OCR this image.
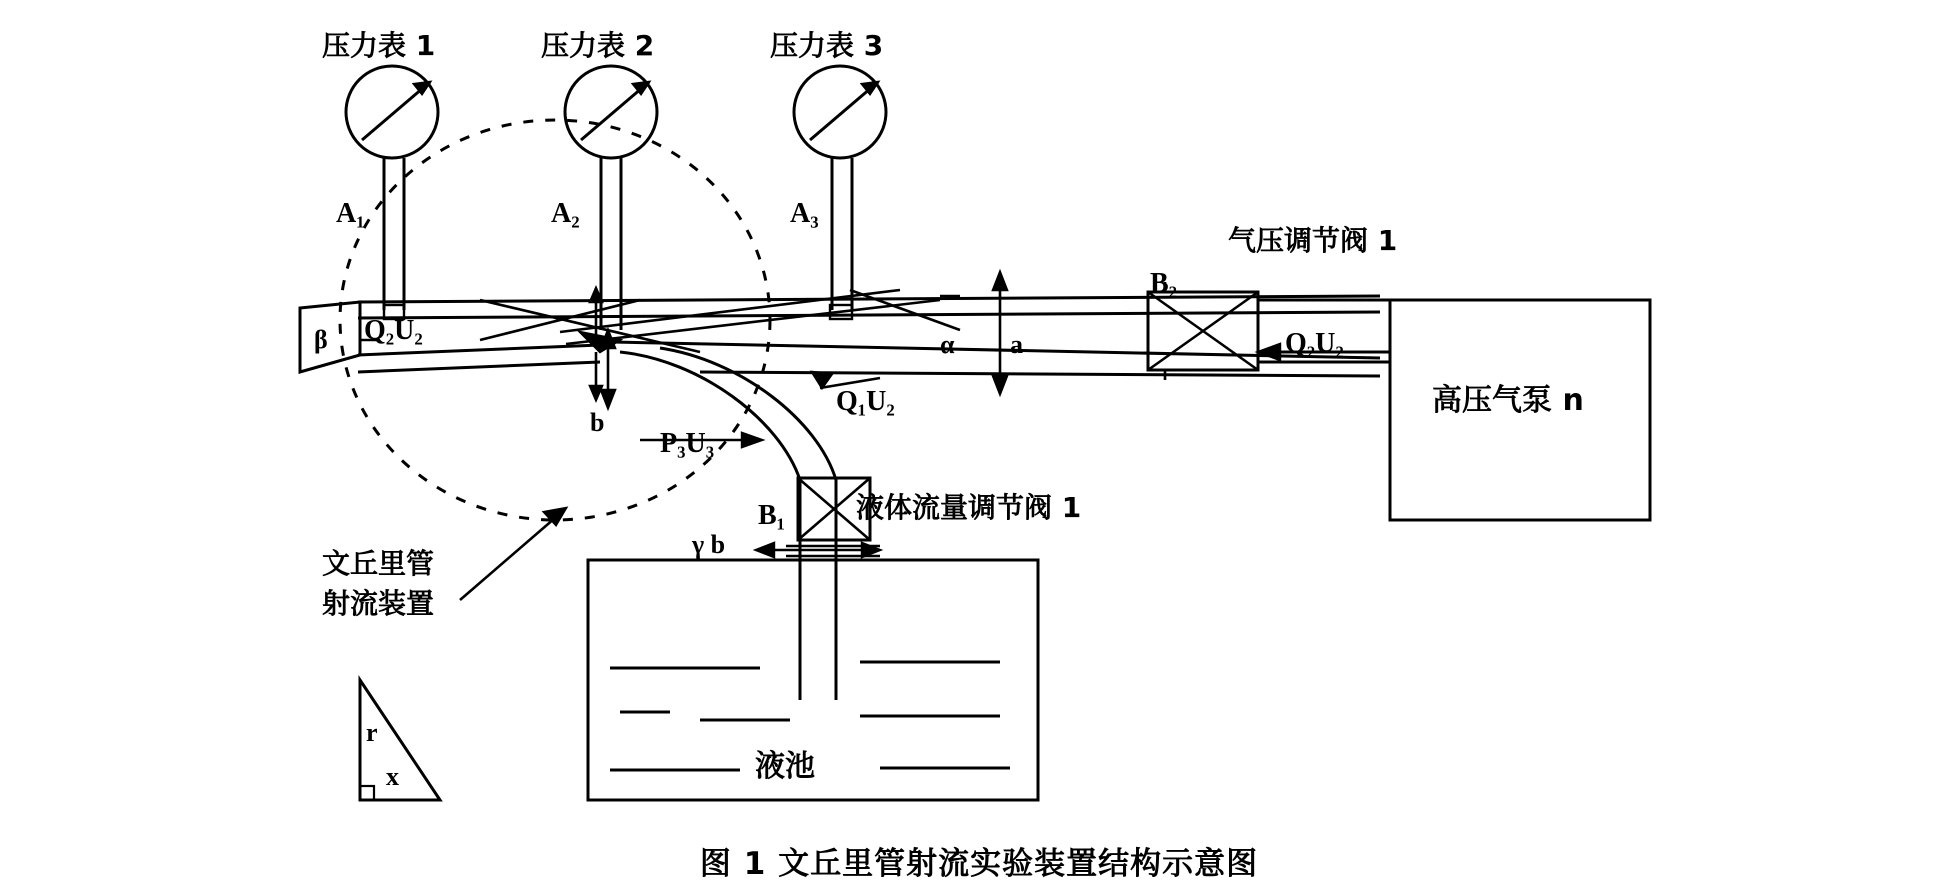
压力表 1	压力表 2	压力表 3
A₁	A₂	A₃
β Q₂U₂	α a
b
Q₁U₂
P₃U₃
Q₂U₂
B₂
气压调节阀 1
高压气泵 n
B₁	液体流量调节阀 1
γ b
液池
文丘里管
射流装置
r
x
图 1 文丘里管射流实验装置结构示意图
